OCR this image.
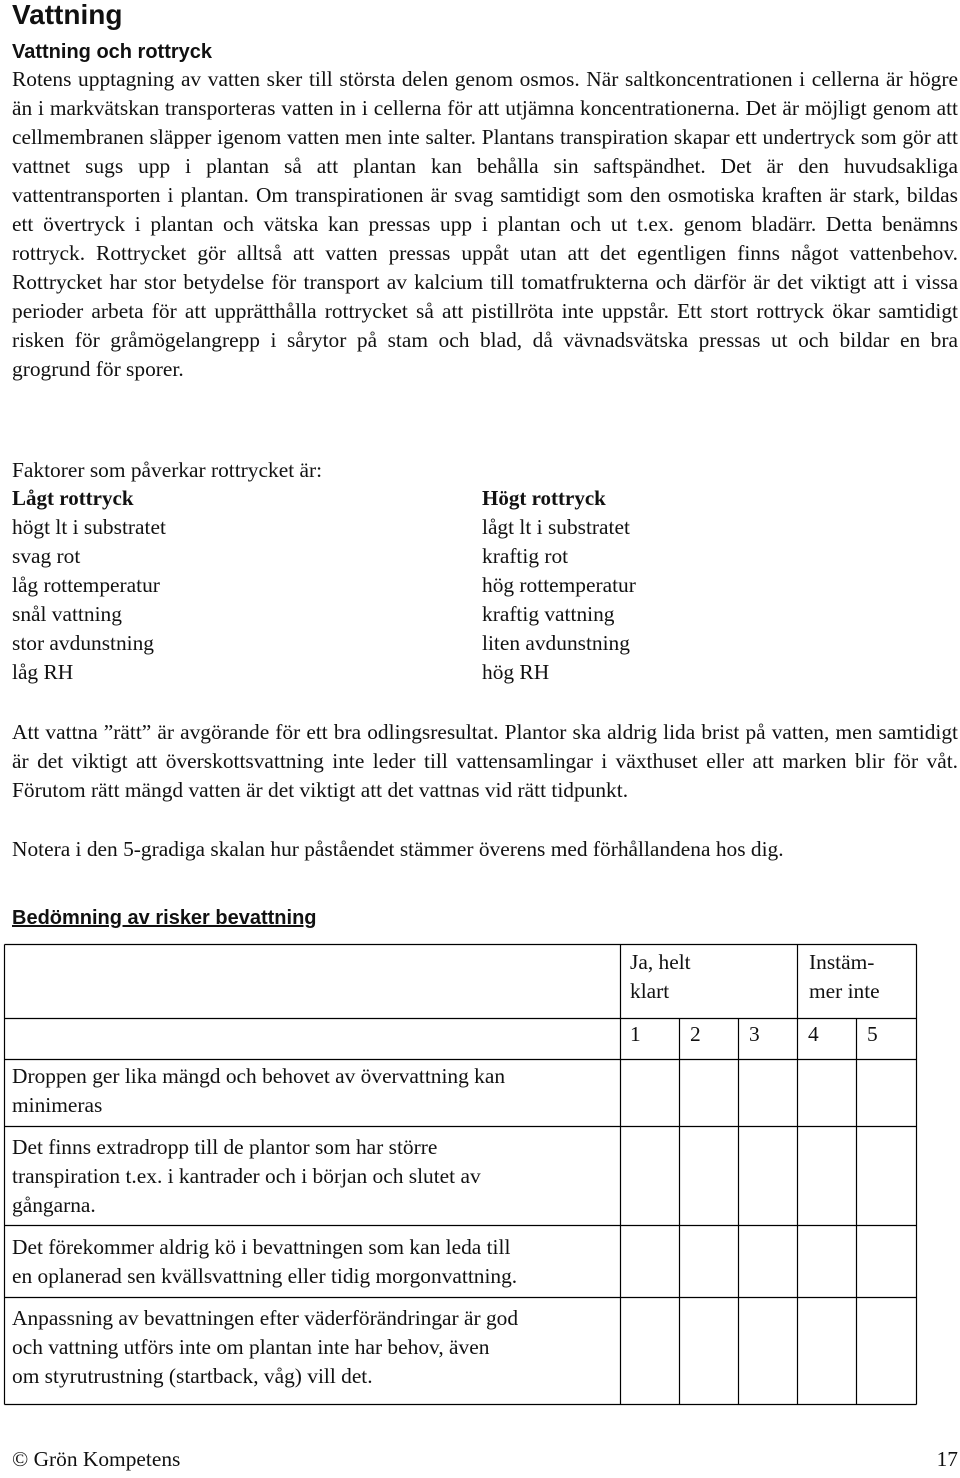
Vattning
Vattning och rottryck

Rotens upptagning av vatten sker till största delen genom osmos. När saltkoncentrationen i cellerna är högre än i markvätskan transporteras vatten in i cellerna för att utjämna koncentrationerna. Det är möjligt genom att cellmembranen släpper igenom vatten men inte salter. Plantans transpiration skapar ett undertryck som gör att vattnet sugs upp i plantan så att plantan kan behålla sin saftspändhet. Det är den huvudsakliga vattentransporten i plantan. Om transpirationen är svag samtidigt som den osmotiska kraften är stark, bildas ett övertryck i plantan och vätska kan pressas upp i plantan och ut t.ex. genom bladärr. Detta benämns rottryck. Rottrycket gör alltså att vatten pressas uppåt utan att det egentligen finns något vattenbehov. Rottrycket har stor betydelse för transport av kalcium till tomatfrukterna och därför är det viktigt att i vissa perioder arbeta för att upprätthålla rottrycket så att pistillröta inte uppstår. Ett stort rottryck ökar samtidigt risken för gråmögelangrepp i sårytor på stam och blad, då vävnadsvätska pressas ut och bildar en bra grogrund för sporer.

Faktorer som påverkar rottrycket är:

Lågt rottryck
högt lt i substratet
svag rot
låg rottemperatur
snål vattning
stor avdunstning
låg RH
Högt rottryck
lågt lt i substratet
kraftig rot
hög rottemperatur
kraftig vattning
liten avdunstning
hög RH

Att vattna ”rätt” är avgörande för ett bra odlingsresultat. Plantor ska aldrig lida brist på vatten, men samtidigt är det viktigt att överskottsvattning inte leder till vattensamlingar i växthuset eller att marken blir för våt. Förutom rätt mängd vatten är det viktigt att det vattnas vid rätt tidpunkt.

Notera i den 5-gradiga skalan hur påståendet stämmer överens med förhållandena hos dig.

Bedömning av risker bevattning

Ja, helt
klart
Instäm-
mer inte
1 2 3 4 5
Droppen ger lika mängd och behovet av övervattning kan
minimeras
Det finns extradropp till de plantor som har större
transpiration t.ex. i kantrader och i början och slutet av
gångarna.
Det förekommer aldrig kö i bevattningen som kan leda till
en oplanerad sen kvällsvattning eller tidig morgonvattning.
Anpassning av bevattningen efter väderförändringar är god
och vattning utförs inte om plantan inte har behov, även
om styrutrustning (startback, våg) vill det.
© Grön Kompetens	17
